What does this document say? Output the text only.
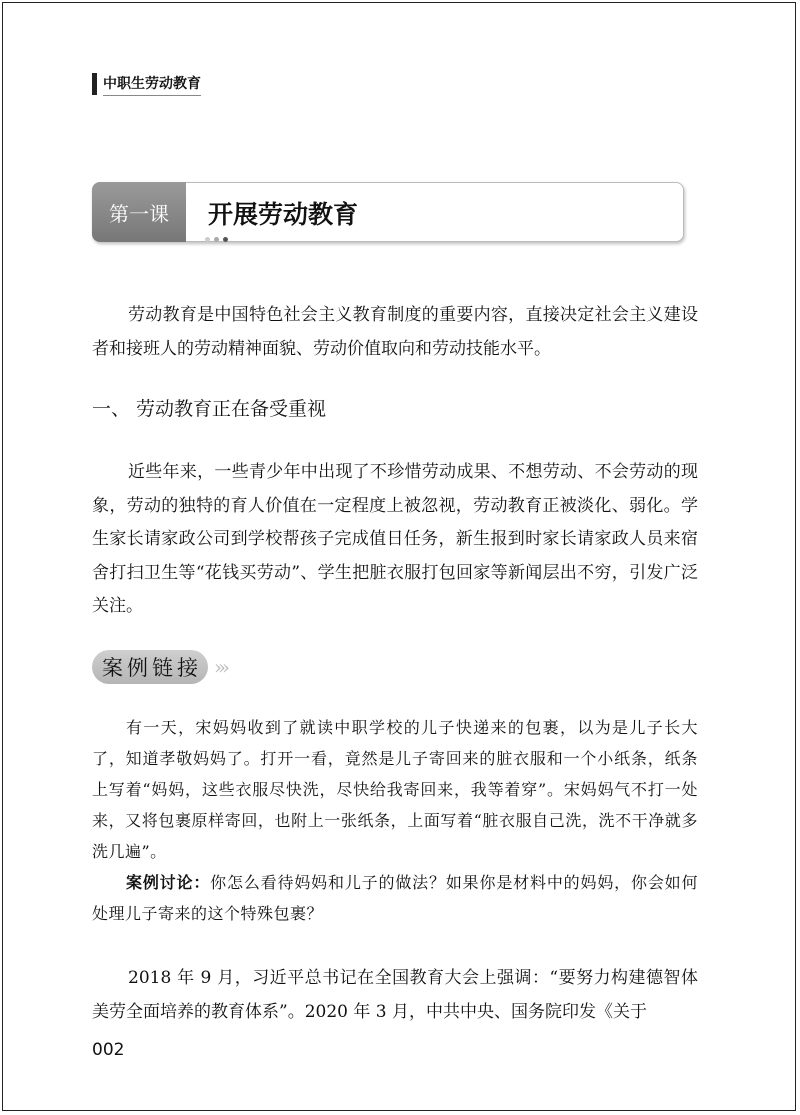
中职生劳动教育
第一课	开展劳动教育
劳动教育是中国特色社会主义教育制度的重要内容，直接决定社会主义建设者和接班人的劳动精神面貌、劳动价值取向和劳动技能水平。
一、 劳动教育正在备受重视
近些年来，一些青少年中出现了不珍惜劳动成果、不想劳动、不会劳动的现象，劳动的独特的育人价值在一定程度上被忽视，劳动教育正被淡化、弱化。学生家长请家政公司到学校帮孩子完成值日任务，新生报到时家长请家政人员来宿舍打扫卫生等“花钱买劳动”、学生把脏衣服打包回家等新闻层出不穷，引发广泛关注。
案 例 链 接 ›››
有一天，宋妈妈收到了就读中职学校的儿子快递来的包裹，以为是儿子长大了，知道孝敬妈妈了。打开一看，竟然是儿子寄回来的脏衣服和一个小纸条，纸条上写着“妈妈，这些衣服尽快洗，尽快给我寄回来，我等着穿”。宋妈妈气不打一处来，又将包裹原样寄回，也附上一张纸条，上面写着“脏衣服自己洗，洗不干净就多洗几遍”。
案例讨论：你怎么看待妈妈和儿子的做法？如果你是材料中的妈妈，你会如何处理儿子寄来的这个特殊包裹？
2018 年 9 月，习近平总书记在全国教育大会上强调：“要努力构建德智体美劳全面培养的教育体系”。2020 年 3 月，中共中央、国务院印发《关于
002
